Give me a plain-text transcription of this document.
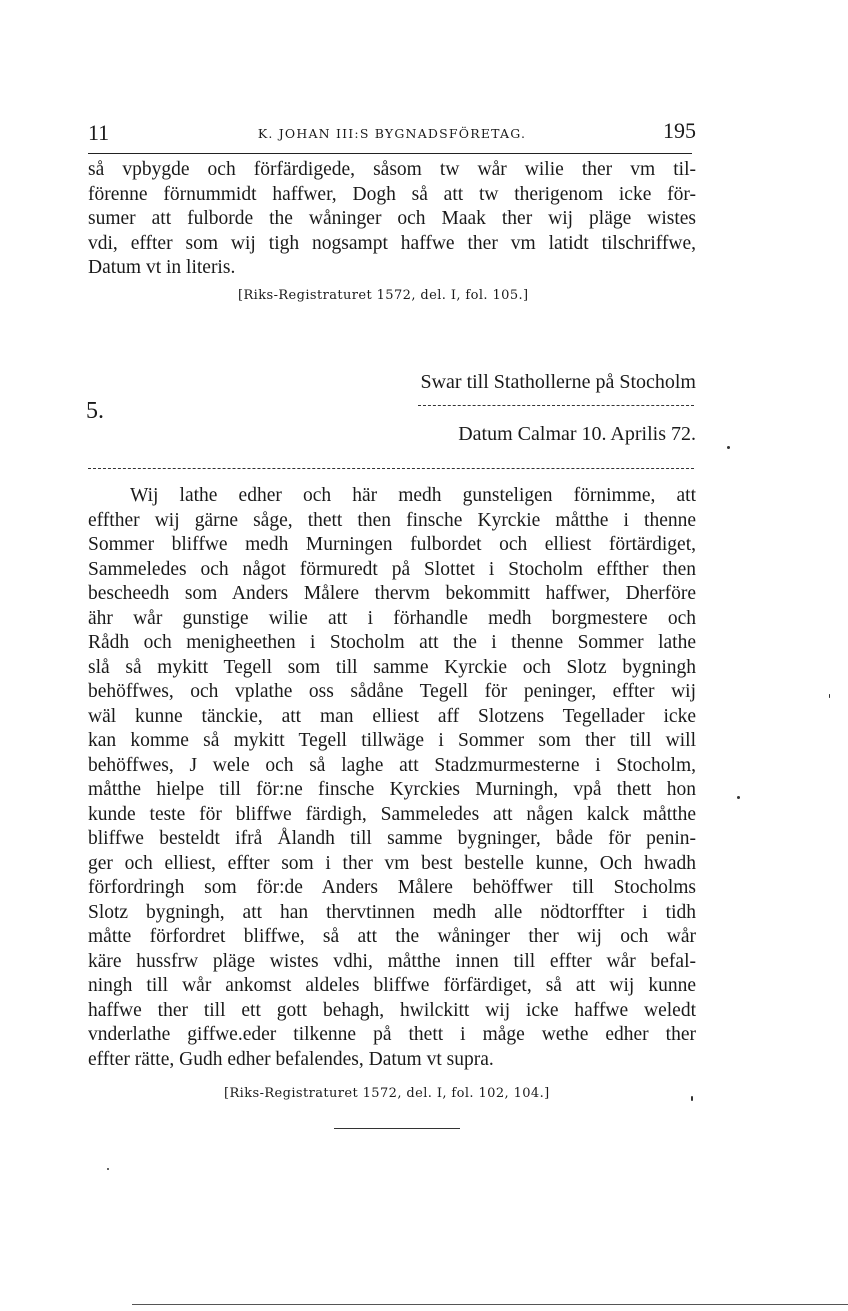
11	K. JOHAN III:S BYGNADSFÖRETAG.	195
så vpbygde och förfärdigede, såsom tw wår wilie ther vm til-
förenne förnummidt haffwer, Dogh så att tw therigenom icke för-
sumer att fulborde the wåninger och Maak ther wij pläge wistes
vdi, effter som wij tigh nogsampt haffwe ther vm latidt tilschriffwe,
Datum vt in literis.
[Riks-Registraturet 1572, del. I, fol. 105.]
5.
Swar till Stathollerne på Stocholm
Datum Calmar 10. Aprilis 72.
Wij lathe edher och här medh gunsteligen förnimme, att
effther wij gärne såge, thett then finsche Kyrckie måtthe i thenne
Sommer bliffwe medh Murningen fulbordet och elliest förtärdiget,
Sammeledes och något förmuredt på Slottet i Stocholm effther then
bescheedh som Anders Målere thervm bekommitt haffwer, Dherföre
ähr wår gunstige wilie att i förhandle medh borgmestere och
Rådh och menigheethen i Stocholm att the i thenne Sommer lathe
slå så mykitt Tegell som till samme Kyrckie och Slotz bygningh
behöffwes, och vplathe oss sådåne Tegell för peninger, effter wij
wäl kunne tänckie, att man elliest aff Slotzens Tegellader icke
kan komme så mykitt Tegell tillwäge i Sommer som ther till will
behöffwes, J wele och så laghe att Stadzmurmesterne i Stocholm,
måtthe hielpe till för:ne finsche Kyrckies Murningh, vpå thett hon
kunde teste för bliffwe färdigh, Sammeledes att någen kalck måtthe
bliffwe besteldt ifrå Ålandh till samme bygninger, både för penin-
ger och elliest, effter som i ther vm best bestelle kunne, Och hwadh
förfordringh som för:de Anders Målere behöffwer till Stocholms
Slotz bygningh, att han thervtinnen medh alle nödtorffter i tidh
måtte förfordret bliffwe, så att the wåninger ther wij och wår
käre hussfrw pläge wistes vdhi, måtthe innen till effter wår befal-
ningh till wår ankomst aldeles bliffwe förfärdiget, så att wij kunne
haffwe ther till ett gott behagh, hwilckitt wij icke haffwe weledt
vnderlathe giffwe.eder tilkenne på thett i måge wethe edher ther
effter rätte, Gudh edher befalendes, Datum vt supra.
[Riks-Registraturet 1572, del. I, fol. 102, 104.]
